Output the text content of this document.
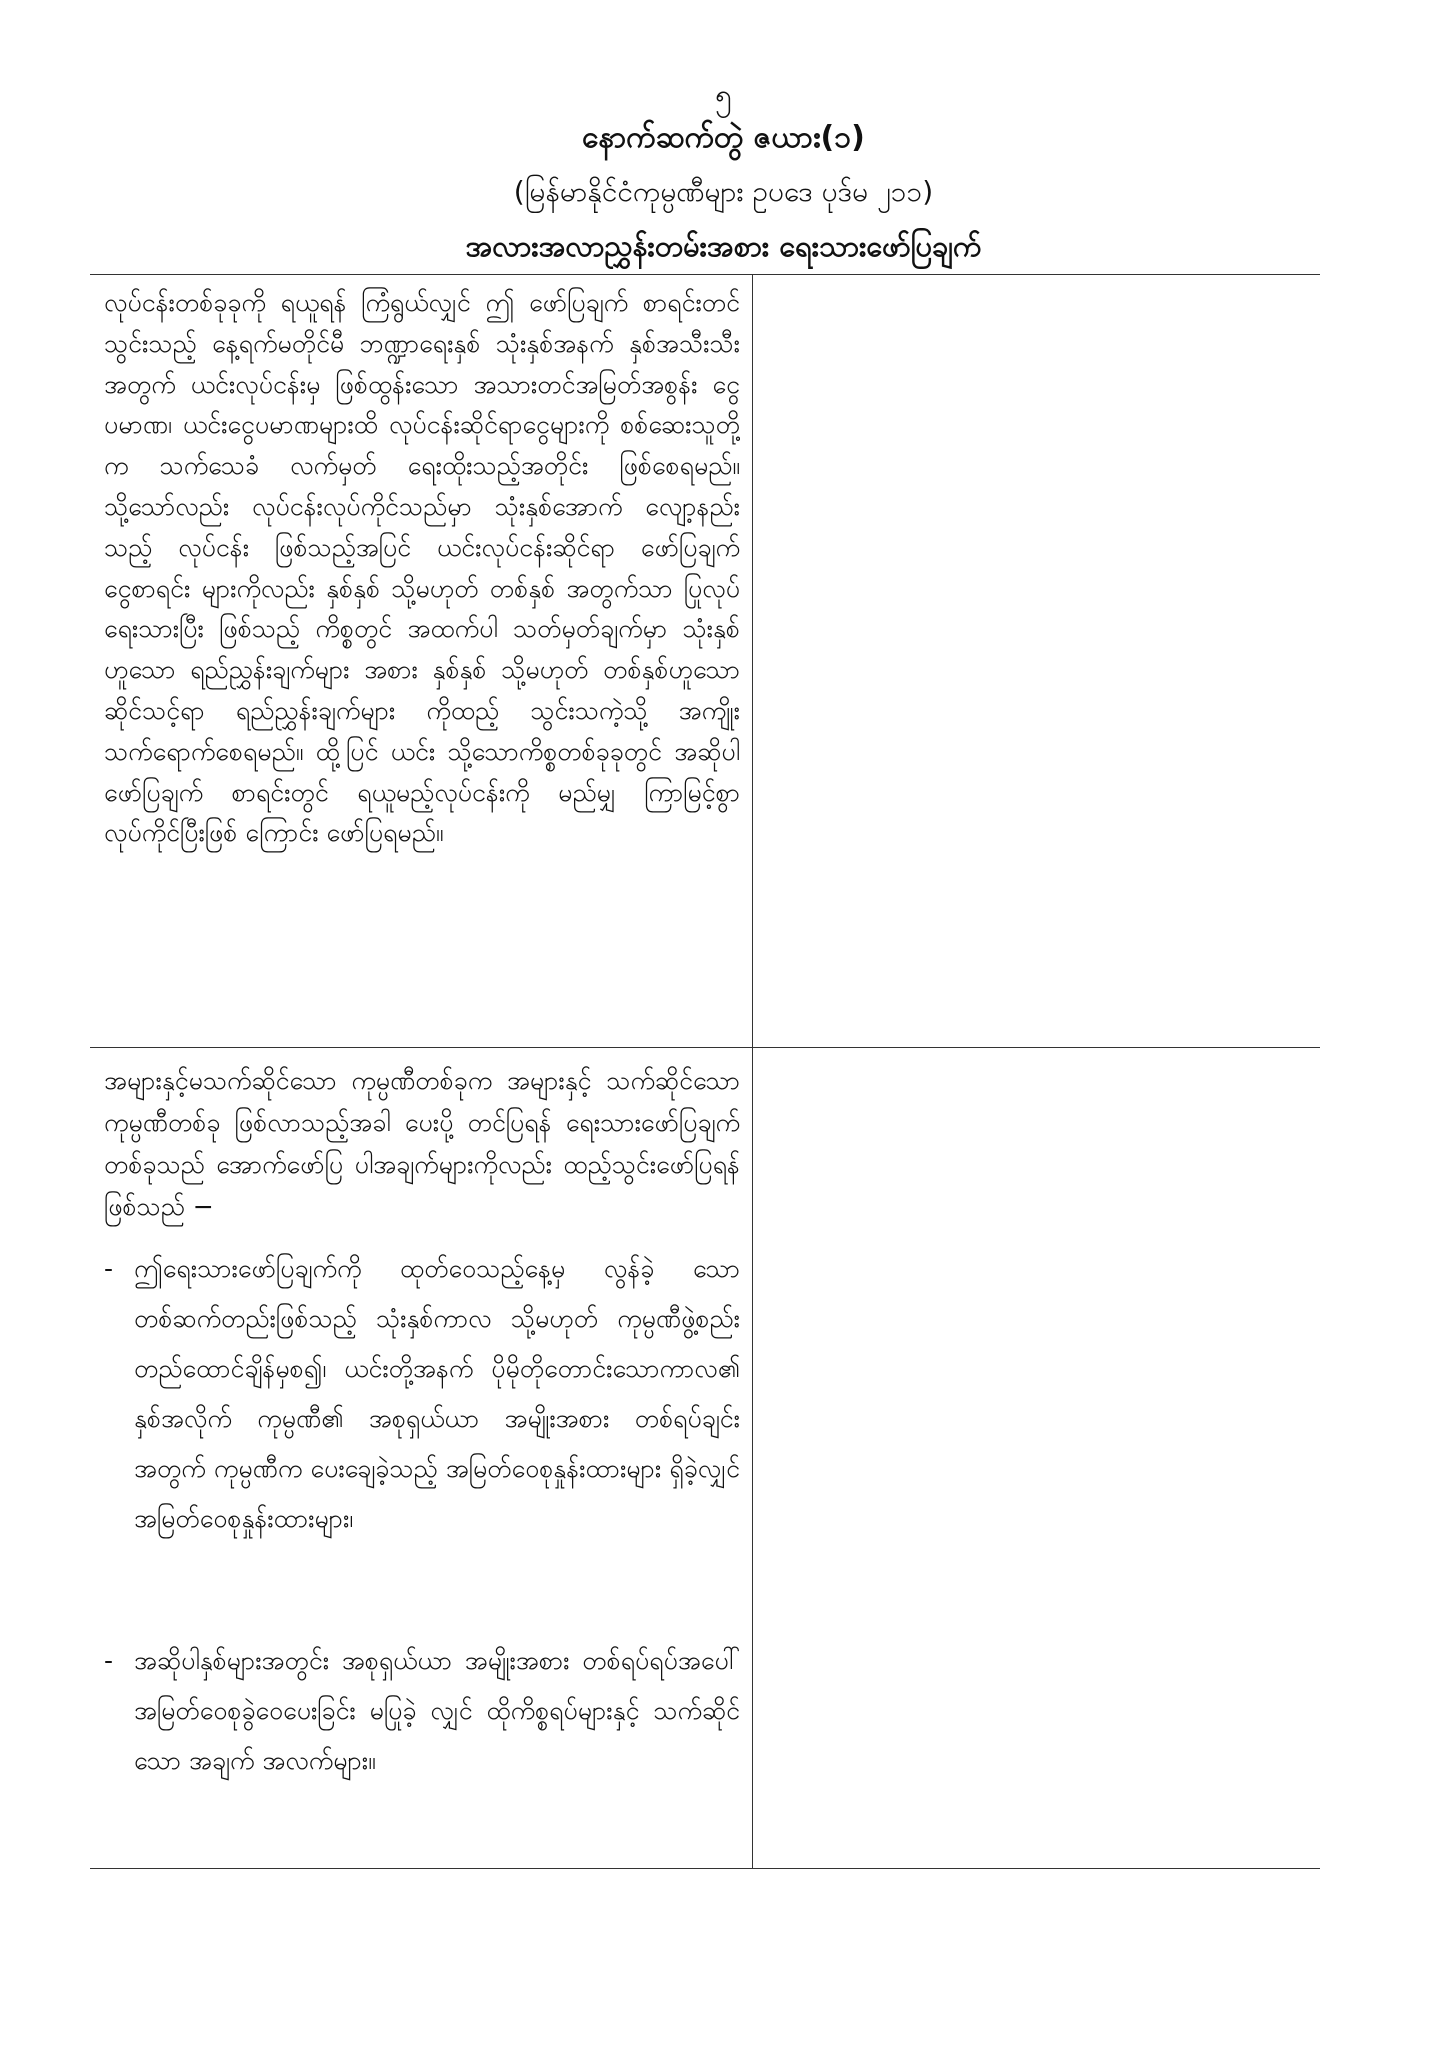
၅
နောက်ဆက်တွဲ ဇယား(၁)
(မြန်မာနိုင်ငံကုမ္ပဏီများ ဥပဒေ ပုဒ်မ ၂၁၁)
အလားအလာညွှန်းတမ်းအစား ရေးသားဖော်ပြချက်
လုပ်ငန်းတစ်ခုခုကို ရယူရန် ကြံရွယ်လျှင် ဤ ဖော်ပြချက် စာရင်းတင်သွင်းသည့် နေ့ရက်မတိုင်မီ ဘဏ္ဍာရေးနှစ် သုံးနှစ်အနက် နှစ်အသီးသီး အတွက် ယင်းလုပ်ငန်းမှ ဖြစ်ထွန်းသော အသားတင်အမြတ်အစွန်း ငွေပမာဏ၊ ယင်းငွေပမာဏများထိ လုပ်ငန်းဆိုင်ရာငွေများကို စစ်ဆေးသူတို့က သက်သေခံ လက်မှတ် ရေးထိုးသည့်အတိုင်း ဖြစ်စေရမည်။ သို့သော်လည်း လုပ်ငန်းလုပ်ကိုင်သည်မှာ သုံးနှစ်အောက် လျော့နည်းသည့် လုပ်ငန်း ဖြစ်သည့်အပြင် ယင်းလုပ်ငန်းဆိုင်ရာ ဖော်ပြချက် ငွေစာရင်း များကိုလည်း နှစ်နှစ် သို့မဟုတ် တစ်နှစ် အတွက်သာ ပြုလုပ် ရေးသားပြီး ဖြစ်သည့် ကိစ္စတွင် အထက်ပါ သတ်မှတ်ချက်မှာ သုံးနှစ် ဟူသော ရည်ညွှန်းချက်များ အစား နှစ်နှစ် သို့မဟုတ် တစ်နှစ်ဟူသော ဆိုင်သင့်ရာ ရည်ညွှန်းချက်များ ကိုထည့် သွင်းသကဲ့သို့ အကျိုးသက်ရောက်စေရမည်။ ထို့ပြင် ယင်း သို့သောကိစ္စတစ်ခုခုတွင် အဆိုပါဖော်ပြချက် စာရင်းတွင် ရယူမည့်လုပ်ငန်းကို မည်မျှ ကြာမြင့်စွာ လုပ်ကိုင်ပြီးဖြစ် ကြောင်း ဖော်ပြရမည်။
အများနှင့်မသက်ဆိုင်သော ကုမ္ပဏီတစ်ခုက အများနှင့် သက်ဆိုင်သောကုမ္ပဏီတစ်ခု ဖြစ်လာသည့်အခါ ပေးပို့ တင်ပြရန် ရေးသားဖော်ပြချက်တစ်ခုသည် အောက်ဖော်ပြ ပါအချက်များကိုလည်း ထည့်သွင်းဖော်ပြရန် ဖြစ်သည် −
- ဤရေးသားဖော်ပြချက်ကို ထုတ်ဝေသည့်နေ့မှ လွန်ခဲ့ သော တစ်ဆက်တည်းဖြစ်သည့် သုံးနှစ်ကာလ သို့မဟုတ် ကုမ္ပဏီဖွဲ့စည်းတည်ထောင်ချိန်မှစ၍၊ ယင်းတို့အနက် ပိုမိုတိုတောင်းသောကာလ၏ နှစ်အလိုက် ကုမ္ပဏီ၏ အစုရှယ်ယာ အမျိုးအစား တစ်ရပ်ချင်း အတွက် ကုမ္ပဏီက ပေးချေခဲ့သည့် အမြတ်ဝေစုနှုန်းထားများ ရှိခဲ့လျှင် အမြတ်ဝေစုနှုန်းထားများ၊
- အဆိုပါနှစ်များအတွင်း အစုရှယ်ယာ အမျိုးအစား တစ်ရပ်ရပ်အပေါ် အမြတ်ဝေစုခွဲဝေပေးခြင်း မပြုခဲ့ လျှင် ထိုကိစ္စရပ်များနှင့် သက်ဆိုင်သော အချက် အလက်များ။
